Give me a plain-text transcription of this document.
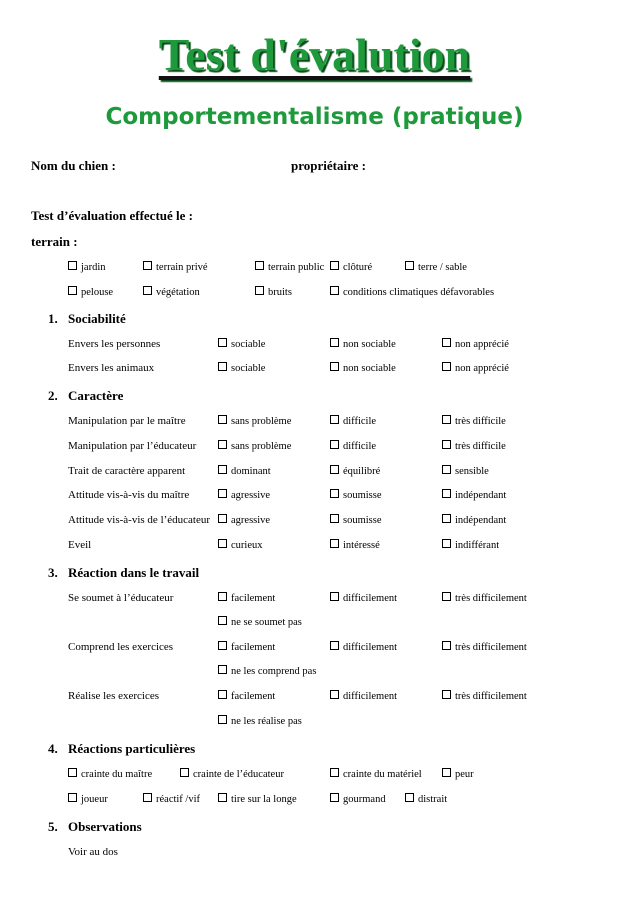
Test d'évalution
Comportementalisme (pratique)
Nom du chien :	propriétaire :
Test d’évaluation effectué le :
terrain :
jardin	terrain privé	terrain public	clôturé	terre / sable
pelouse	végétation	bruits	conditions climatiques défavorables
1. Sociabilité
Envers les personnes	sociable	non sociable	non apprécié
Envers les animaux	sociable	non sociable	non apprécié
2. Caractère
Manipulation par le maître	sans problème	difficile	très difficile
Manipulation par l’éducateur	sans problème	difficile	très difficile
Trait de caractère apparent	dominant	équilibré	sensible
Attitude vis-à-vis du maître	agressive	soumisse	indépendant
Attitude vis-à-vis de l’éducateur	agressive	soumisse	indépendant
Eveil	curieux	intéressé	indifférant
3. Réaction dans le travail
Se soumet à l’éducateur	facilement	difficilement	très difficilement
ne se soumet pas
Comprend les exercices	facilement	difficilement	très difficilement
ne les comprend pas
Réalise les exercices	facilement	difficilement	très difficilement
ne les réalise pas
4. Réactions particulières
crainte du maître	crainte de l’éducateur	crainte du matériel	peur
joueur	réactif /vif	tire sur la longe	gourmand	distrait
5. Observations
Voir au dos
